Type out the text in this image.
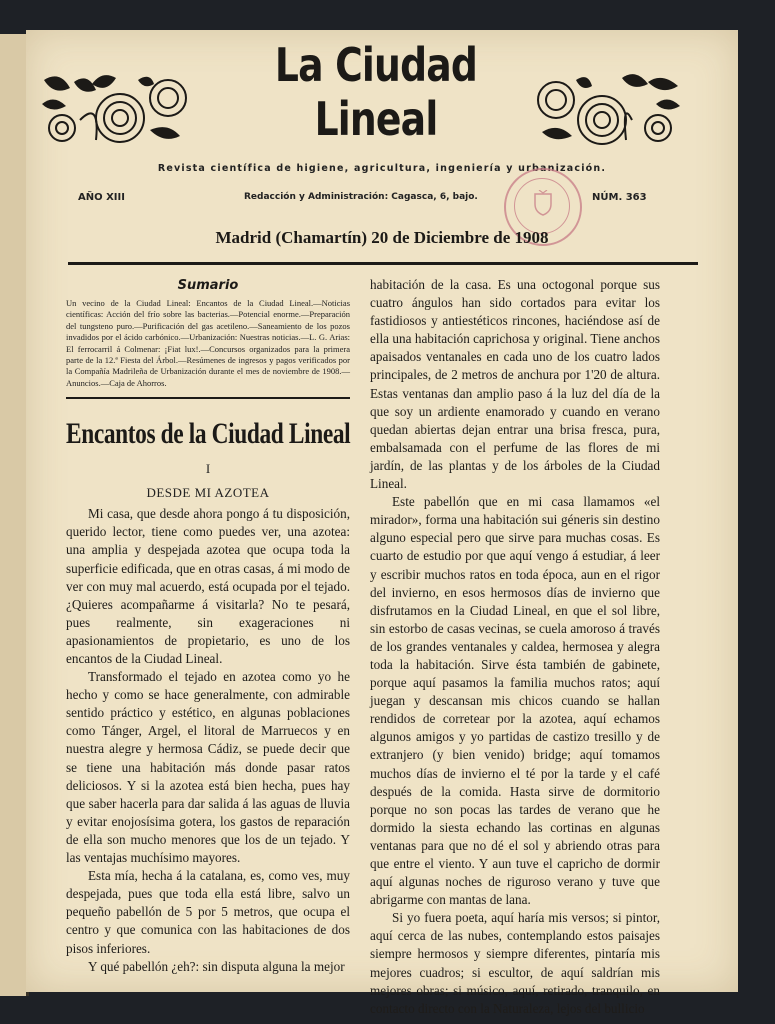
La Ciudad Lineal
Revista científica de higiene, agricultura, ingeniería y urbanización.
AÑO XIII	Redacción y Administración: Cagasca, 6, bajo.	NÚM. 363
Madrid (Chamartín) 20 de Diciembre de 1908
Sumario
Un vecino de la Ciudad Lineal: Encantos de la Ciudad Lineal.—Noticias científicas: Acción del frío sobre las bacterias.—Potencial enorme.—Preparación del tungsteno puro.—Purificación del gas acetileno.—Saneamiento de los pozos invadidos por el ácido carbónico.—Urbanización: Nuestras noticias.—L. G. Arias: El ferrocarril á Colmenar: ¡Fiat lux!.—Concursos organizados para la primera parte de la 12.ª Fiesta del Árbol.—Resúmenes de ingresos y pagos verificados por la Compañía Madrileña de Urbanización durante el mes de noviembre de 1908.—Anuncios.—Caja de Ahorros.
Encantos de la Ciudad Lineal
I
DESDE MI AZOTEA

Mi casa, que desde ahora pongo á tu disposición, querido lector, tiene como puedes ver, una azotea: una amplia y despejada azotea que ocupa toda la superficie edificada, que en otras casas, á mi modo de ver con muy mal acuerdo, está ocupada por el tejado. ¿Quieres acompañarme á visitarla? No te pesará, pues realmente, sin exageraciones ni apasionamientos de propietario, es uno de los encantos de la Ciudad Lineal.

Transformado el tejado en azotea como yo he hecho y como se hace generalmente, con admirable sentido práctico y estético, en algunas poblaciones como Tánger, Argel, el litoral de Marruecos y en nuestra alegre y hermosa Cádiz, se puede decir que se tiene una habitación más donde pasar ratos deliciosos. Y si la azotea está bien hecha, pues hay que saber hacerla para dar salida á las aguas de lluvia y evitar enojosísima gotera, los gastos de reparación de ella son mucho menores que los de un tejado. Y las ventajas muchísimo mayores.

Esta mía, hecha á la catalana, es, como ves, muy despejada, pues que toda ella está libre, salvo un pequeño pabellón de 5 por 5 metros, que ocupa el centro y que comunica con las habitaciones de dos pisos inferiores.

Y qué pabellón ¿eh?: sin disputa alguna la mejor

habitación de la casa. Es una octogonal porque sus cuatro ángulos han sido cortados para evitar los fastidiosos y antiestéticos rincones, haciéndose así de ella una habitación caprichosa y original. Tiene anchos apaisados ventanales en cada uno de los cuatro lados principales, de 2 metros de anchura por 1'20 de altura. Estas ventanas dan amplio paso á la luz del día de la que soy un ardiente enamorado y cuando en verano quedan abiertas dejan entrar una brisa fresca, pura, embalsamada con el perfume de las flores de mi jardín, de las plantas y de los árboles de la Ciudad Lineal.

Este pabellón que en mi casa llamamos «el mirador», forma una habitación sui géneris sin destino alguno especial pero que sirve para muchas cosas. Es cuarto de estudio por que aquí vengo á estudiar, á leer y escribir muchos ratos en toda época, aun en el rigor del invierno, en esos hermosos días de invierno que disfrutamos en la Ciudad Lineal, en que el sol libre, sin estorbo de casas vecinas, se cuela amoroso á través de los grandes ventanales y caldea, hermosea y alegra toda la habitación. Sirve ésta también de gabinete, porque aquí pasamos la familia muchos ratos; aquí juegan y descansan mis chicos cuando se hallan rendidos de corretear por la azotea, aquí echamos algunos amigos y yo partidas de castizo tresillo y de extranjero (y bien venido) bridge; aquí tomamos muchos días de invierno el té por la tarde y el café después de la comida. Hasta sirve de dormitorio porque no son pocas las tardes de verano que he dormido la siesta echando las cortinas en algunas ventanas para que no dé el sol y abriendo otras para que entre el viento. Y aun tuve el capricho de dormir aquí algunas noches de riguroso verano y tuve que abrigarme con mantas de lana.

Si yo fuera poeta, aquí haría mis versos; si pintor, aquí cerca de las nubes, contemplando estos paisajes siempre hermosos y siempre diferentes, pintaría mis mejores cuadros; si escultor, de aquí saldrían mis mejores obras; si músico, aquí, retirado, tranquilo, en contacto directo con la Naturaleza, lejos del bullicio
